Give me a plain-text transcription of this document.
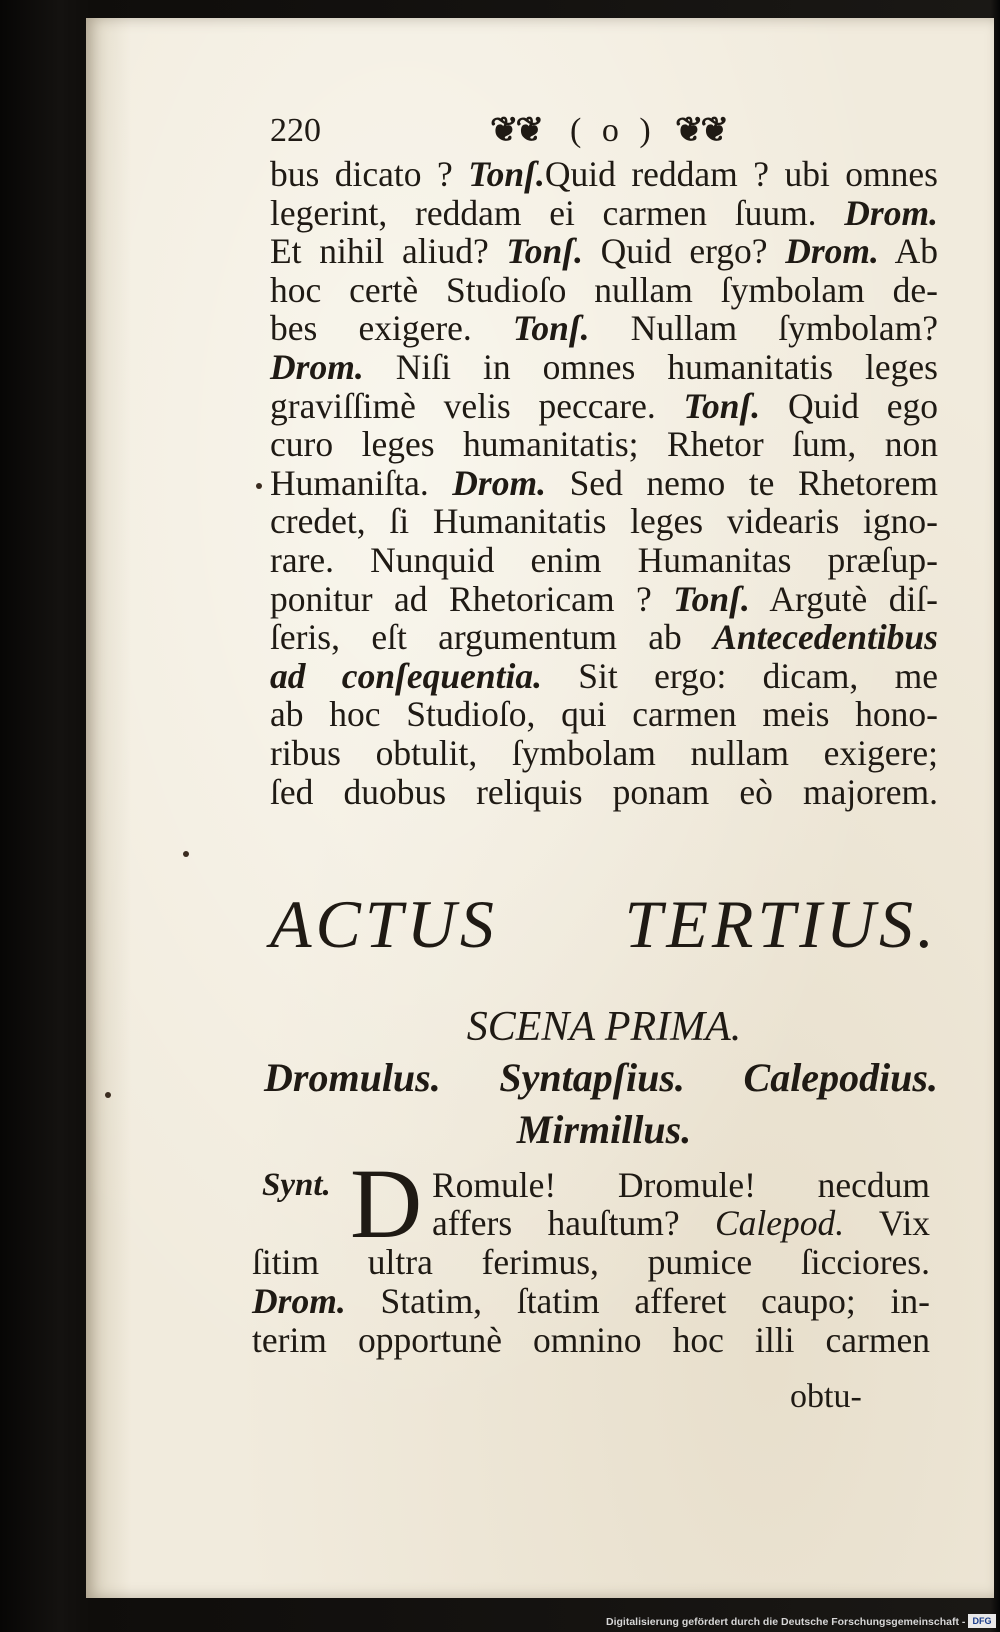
220	❦❦ ( o ) ❦❦
bus dicato ? Tonſ.Quid reddam ? ubi omnes
legerint, reddam ei carmen ſuum. Drom.
Et nihil aliud? Tonſ. Quid ergo? Drom. Ab
hoc certè Studioſo nullam ſymbolam de-
bes exigere. Tonſ. Nullam ſymbolam?
Drom. Niſi in omnes humanitatis leges
graviſſimè velis peccare. Tonſ. Quid ego
curo leges humanitatis; Rhetor ſum, non
Humaniſta. Drom. Sed nemo te Rhetorem
credet, ſi Humanitatis leges videaris igno-
rare. Nunquid enim Humanitas præſup-
ponitur ad Rhetoricam ? Tonſ. Argutè diſ-
ſeris, eſt argumentum ab Antecedentibus
ad conſequentia. Sit ergo: dicam, me
ab hoc Studioſo, qui carmen meis hono-
ribus obtulit, ſymbolam nullam exigere;
ſed duobus reliquis ponam eò majorem.
ACTUS TERTIUS.
SCENA PRIMA.
Dromulus. Syntapſius. Calepodius.
Mirmillus.
Synt. D Romule! Dromule! necdum
affers hauſtum? Calepod. Vix
ſitim ultra ferimus, pumice ſicciores.
Drom. Statim, ſtatim afferet caupo; in-
terim opportunè omnino hoc illi carmen
obtu-
Digitalisierung gefördert durch die Deutsche Forschungsgemeinschaft - DFG
